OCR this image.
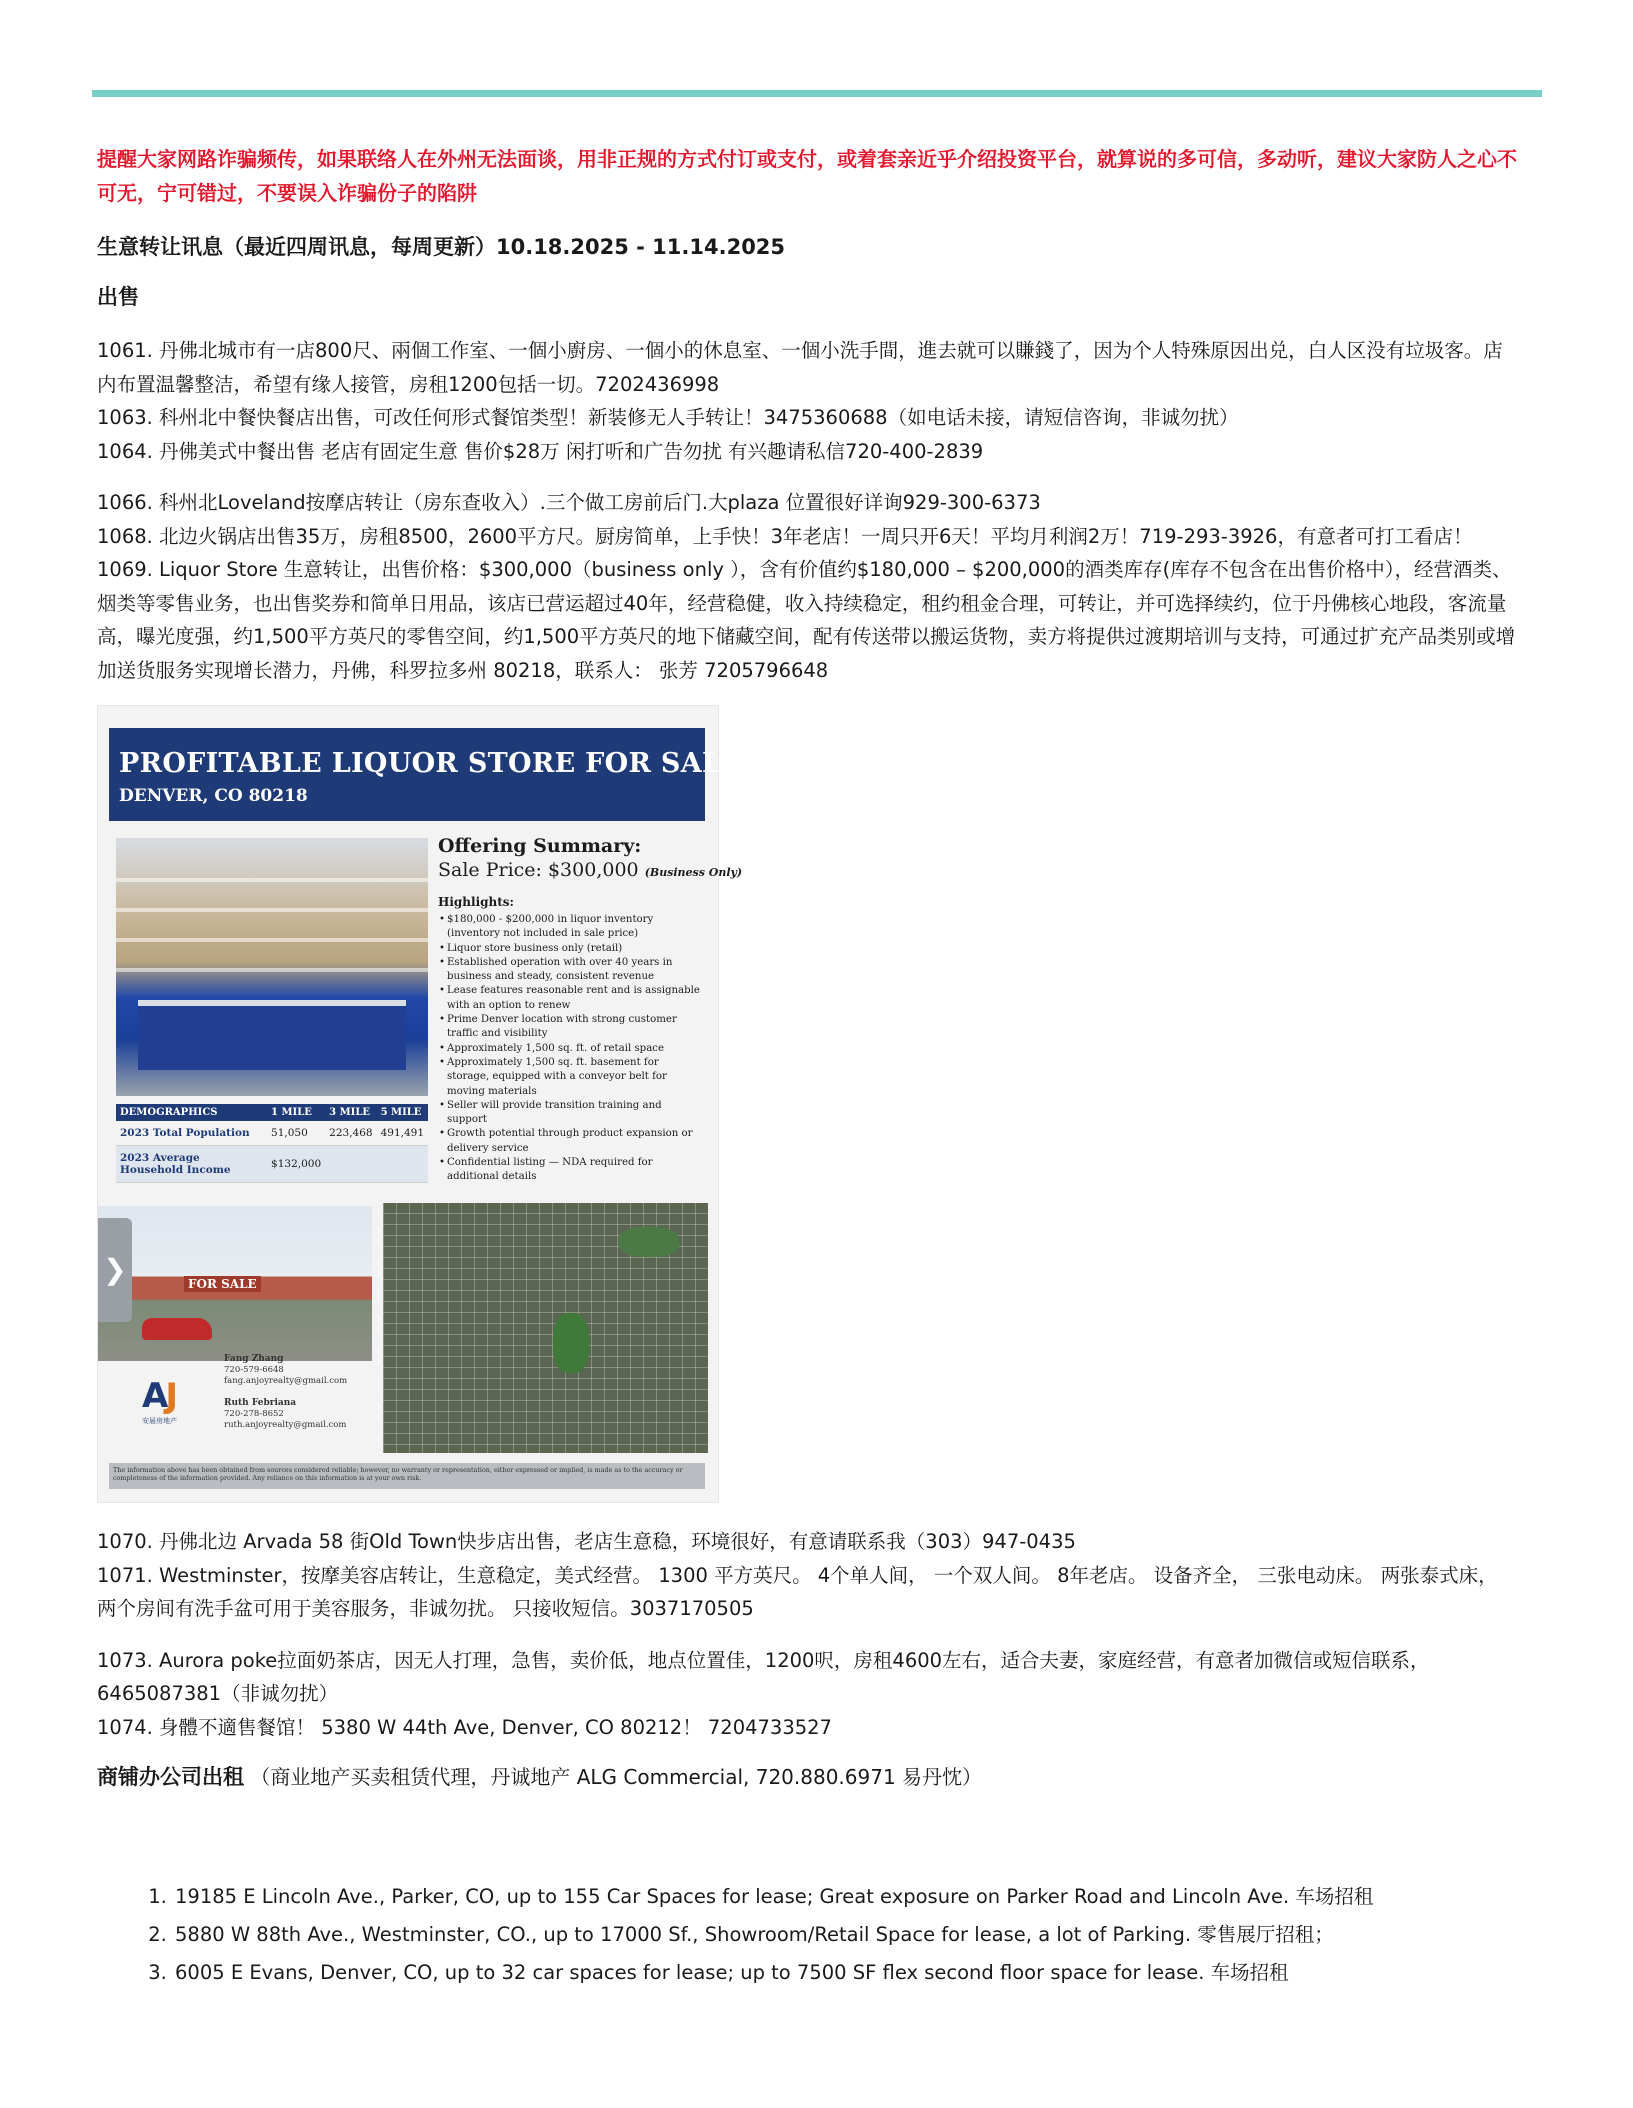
提醒大家网路诈骗频传，如果联络人在外州无法面谈，用非正规的方式付订或支付，或着套亲近乎介绍投资平台，就算说的多可信，多动听，建议大家防人之心不可无，宁可错过，不要误入诈骗份子的陷阱

生意转让讯息（最近四周讯息，每周更新）10.18.2025 - 11.14.2025

出售

1061. 丹佛北城市有一店800尺、兩個工作室、一個小廚房、一個小的休息室、一個小洗手間，進去就可以賺錢了，因为个人特殊原因出兑，白人区没有垃圾客。店内布置温馨整洁，希望有缘人接管，房租1200包括一切。7202436998

1063. 科州北中餐快餐店出售，可改任何形式餐馆类型！新装修无人手转让！3475360688（如电话未接，请短信咨询，非诚勿扰）

1064. 丹佛美式中餐出售 老店有固定生意 售价$28万 闲打听和广告勿扰 有兴趣请私信720-400-2839

1066. 科州北Loveland按摩店转让（房东查收入）.三个做工房前后门.大plaza 位置很好详询929-300-6373

1068. 北边火锅店出售35万，房租8500，2600平方尺。厨房简单，上手快！3年老店！一周只开6天！平均月利润2万！719-293-3926，有意者可打工看店！

1069. Liquor Store 生意转让，出售价格：$300,000（business only ），含有价值约$180,000 – $200,000的酒类库存(库存不包含在出售价格中），经营酒类、烟类等零售业务，也出售奖券和简单日用品，该店已营运超过40年，经营稳健，收入持续稳定，租约租金合理，可转让，并可选择续约，位于丹佛核心地段，客流量高，曝光度强，约1,500平方英尺的零售空间，约1,500平方英尺的地下储藏空间，配有传送带以搬运货物，卖方将提供过渡期培训与支持，可通过扩充产品类别或增加送货服务实现增长潜力，丹佛，科罗拉多州 80218，联系人： 张芳 7205796648

PROFITABLE LIQUOR STORE FOR SALE
DENVER, CO 80218
Offering Summary:
Sale Price: $300,000 (Business Only)
Highlights:
• $180,000 - $200,000 in liquor inventory (inventory not included in sale price)
• Liquor store business only (retail)
• Established operation with over 40 years in business and steady, consistent revenue
• Lease features reasonable rent and is assignable with an option to renew
• Prime Denver location with strong customer traffic and visibility
• Approximately 1,500 sq. ft. of retail space
• Approximately 1,500 sq. ft. basement for storage, equipped with a conveyor belt for moving materials
• Seller will provide transition training and support
• Growth potential through product expansion or delivery service
• Confidential listing — NDA required for additional details
DEMOGRAPHICS	1 MILE	3 MILE	5 MILE
2023 Total Population	51,050	223,468	491,491
2023 Average Household Income	$132,000		
FOR SALE
❯
AJ
安届房地产
Fang Zhang
720-579-6648
fang.anjoyrealty@gmail.com

Ruth Febriana
720-278-8652
ruth.anjoyrealty@gmail.com
The information above has been obtained from sources considered reliable; however, no warranty or representation, either expressed or implied, is made as to the accuracy or completeness of the information provided. Any reliance on this information is at your own risk.

1070. 丹佛北边 Arvada 58 街Old Town快步店出售，老店生意稳，环境很好，有意请联系我（303）947-0435

1071. Westminster，按摩美容店转让，生意稳定，美式经营。 1300 平方英尺。 4个单人间， 一个双人间。 8年老店。 设备齐全， 三张电动床。 两张泰式床， 两个房间有洗手盆可用于美容服务，非诚勿扰。 只接收短信。3037170505

1073. Aurora poke拉面奶茶店，因无人打理，急售，卖价低，地点位置佳，1200呎，房租4600左右，适合夫妻，家庭经营，有意者加微信或短信联系，6465087381（非诚勿扰）

1074. 身體不適售餐馆！ 5380 W 44th Ave, Denver, CO 80212！ 7204733527

商铺办公司出租 （商业地产买卖租赁代理，丹诚地产 ALG Commercial, 720.880.6971 易丹忱）

1. 19185 E Lincoln Ave., Parker, CO, up to 155 Car Spaces for lease; Great exposure on Parker Road and Lincoln Ave. 车场招租
2. 5880 W 88th Ave., Westminster, CO., up to 17000 Sf., Showroom/Retail Space for lease, a lot of Parking. 零售展厅招租；
3. 6005 E Evans, Denver, CO, up to 32 car spaces for lease; up to 7500 SF flex second floor space for lease. 车场招租
